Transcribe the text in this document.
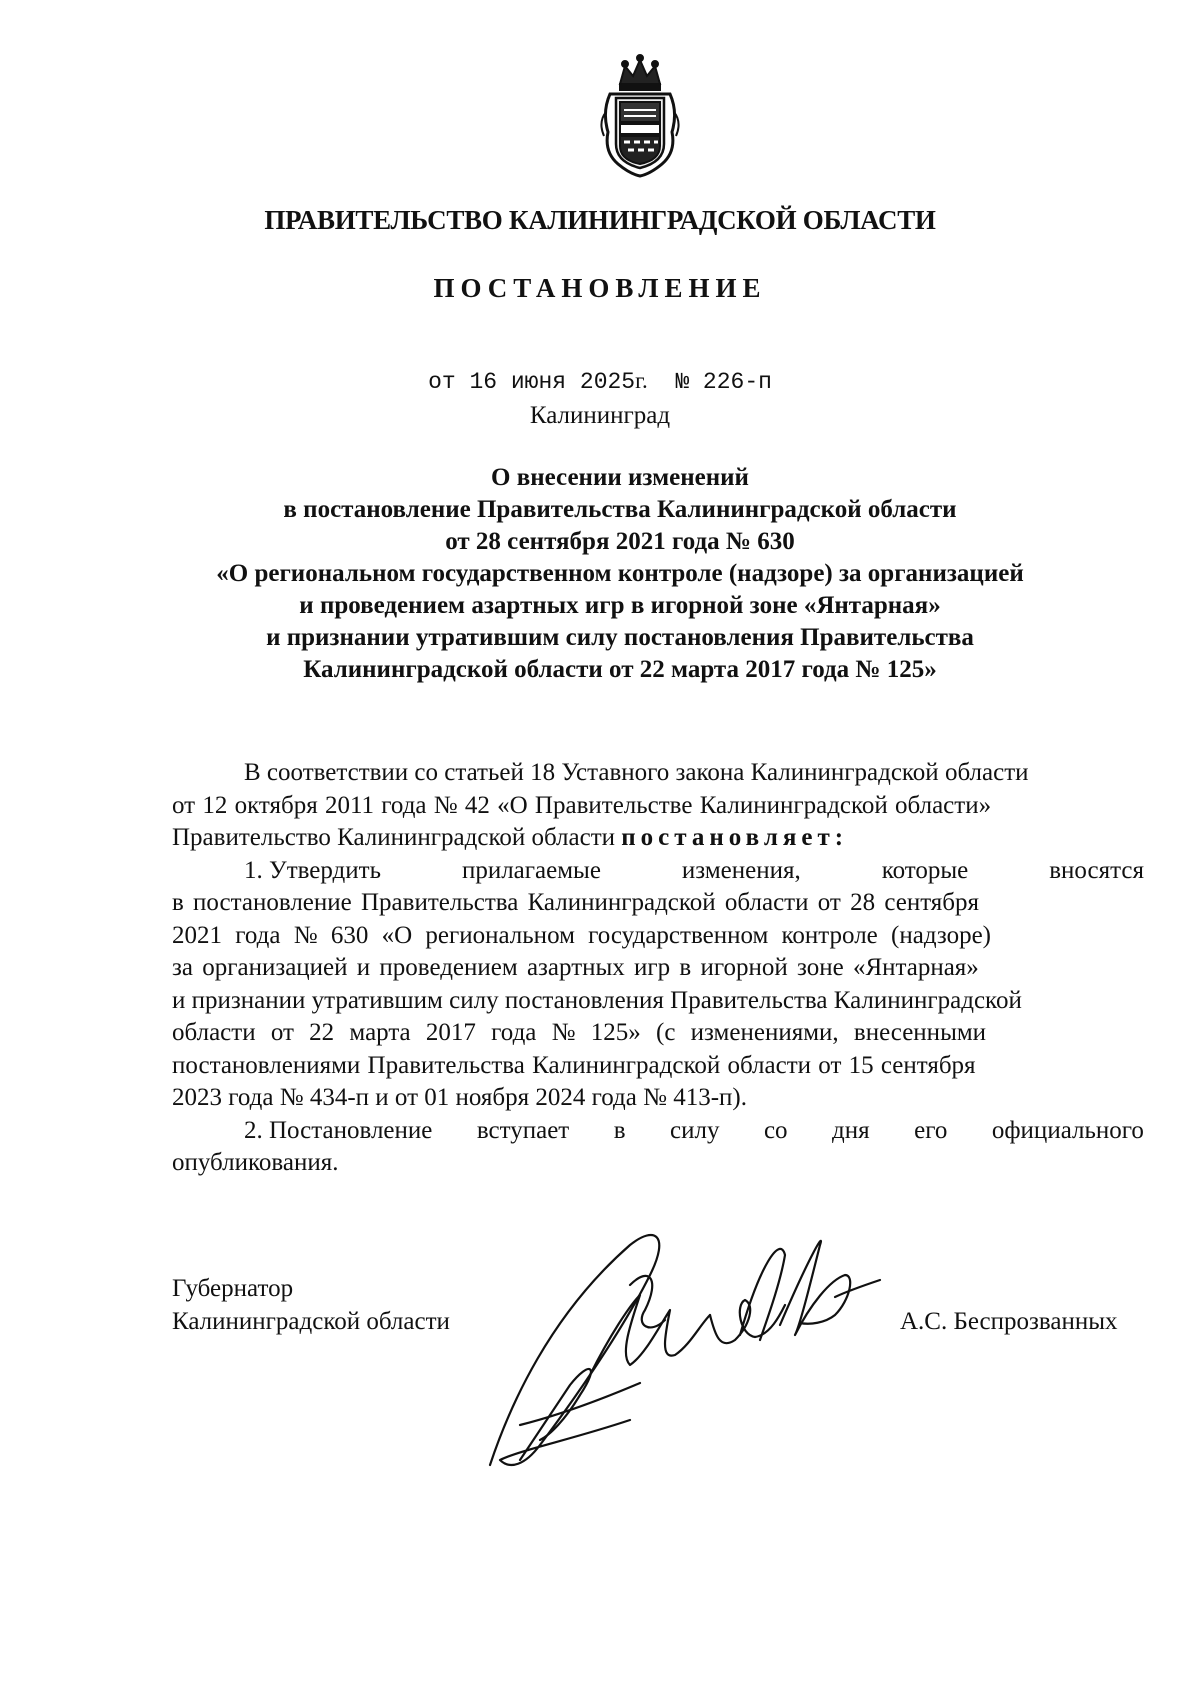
ПРАВИТЕЛЬСТВО КАЛИНИНГРАДСКОЙ ОБЛАСТИ
ПОСТАНОВЛЕНИЕ
от 16 июня 2025г. № 226-п
Калининград
О внесении изменений
в постановление Правительства Калининградской области
от 28 сентября 2021 года № 630
«О региональном государственном контроле (надзоре) за организацией
и проведением азартных игр в игорной зоне «Янтарная»
и признании утратившим силу постановления Правительства
Калининградской области от 22 марта 2017 года № 125»
В соответствии со статьей 18 Уставного закона Калининградской области
от 12 октября 2011 года № 42 «О Правительстве Калининградской области»
Правительство Калининградской области постановляет:
1. Утвердить	прилагаемые	изменения,	которые	вносятся
в постановление Правительства Калининградской области от 28 сентября
2021 года № 630 «О региональном государственном контроле (надзоре)
за организацией и проведением азартных игр в игорной зоне «Янтарная»
и признании утратившим силу постановления Правительства Калининградской
области от 22 марта 2017 года № 125» (с изменениями, внесенными
постановлениями Правительства Калининградской области от 15 сентября
2023 года № 434-п и от 01 ноября 2024 года № 413-п).
2. Постановление вступает в силу со дня его официального
опубликования.
Губернатор
Калининградской области	А.С. Беспрозванных
